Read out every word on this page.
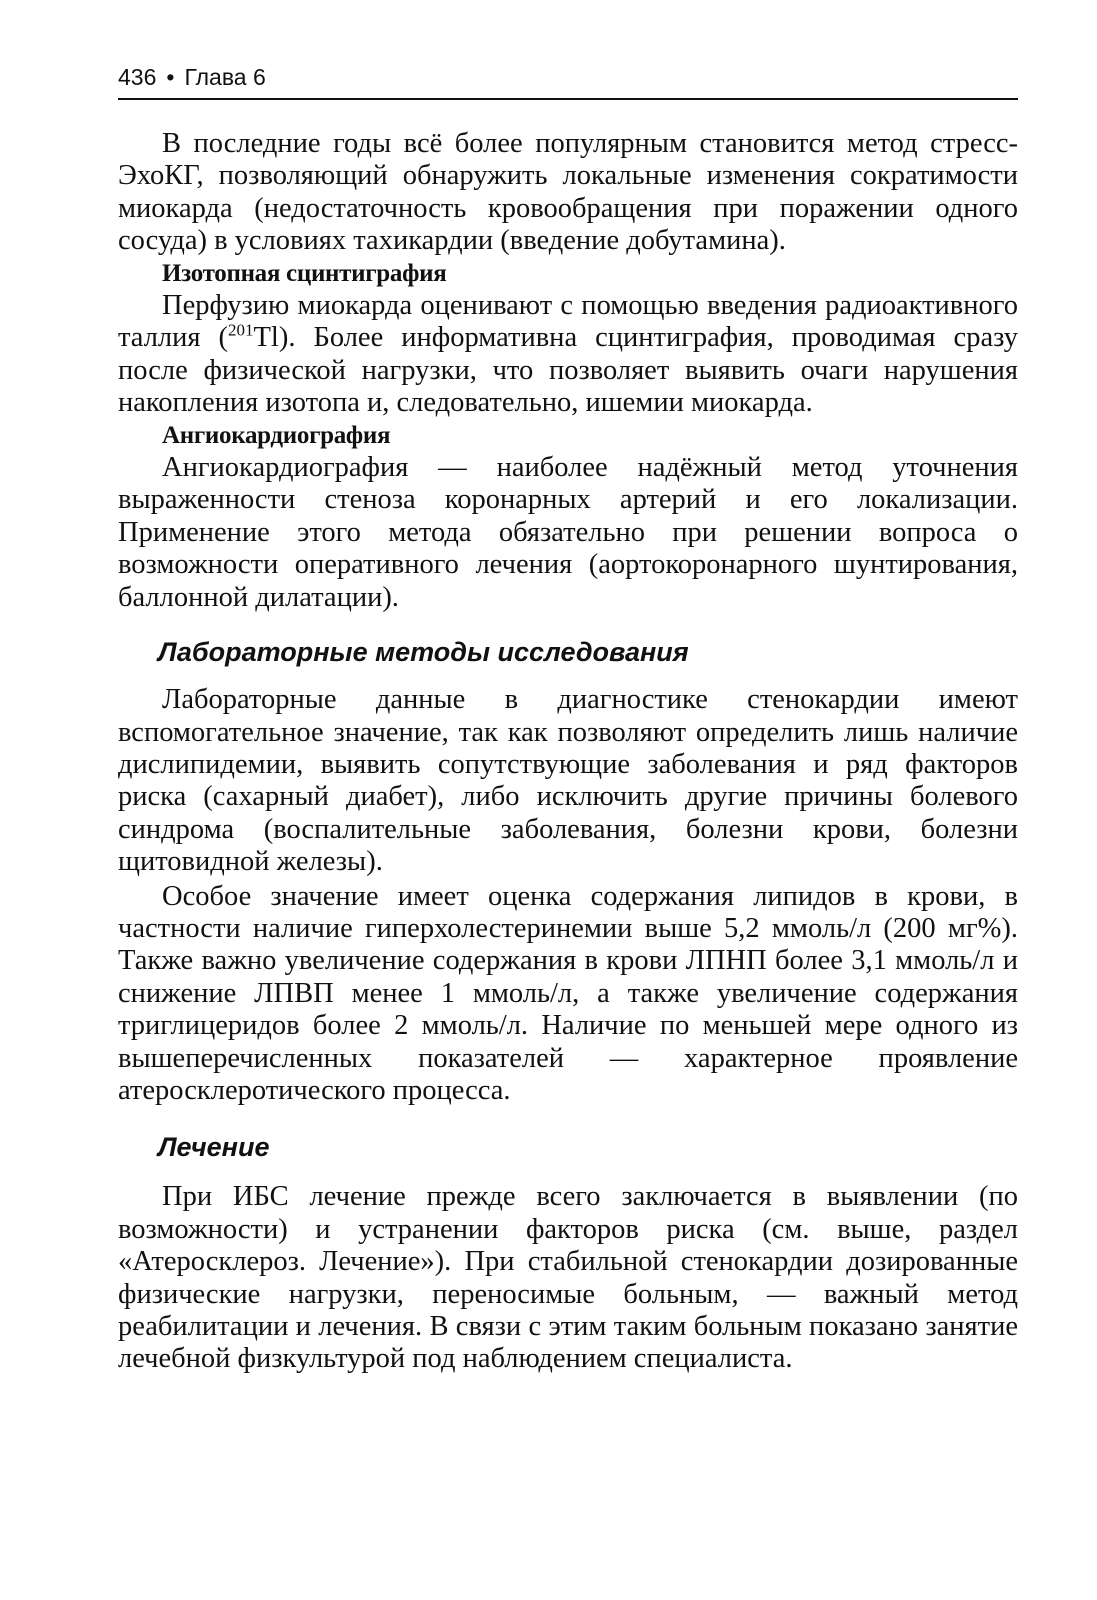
436 • Глава 6

В последние годы всё более популярным становится метод стресс-ЭхоКГ, позволяющий обнаружить локальные изменения сократимости миокарда (недостаточность кровообращения при поражении одного сосуда) в условиях тахикардии (введение добутамина).

Изотопная сцинтиграфия

Перфузию миокарда оценивают с помощью введения радиоактивного таллия ($^{201}$Tl). Более информативна сцинтиграфия, проводимая сразу после физической нагрузки, что позволяет выявить очаги нарушения накопления изотопа и, следовательно, ишемии миокарда.

Ангиокардиография

Ангиокардиография — наиболее надёжный метод уточнения выраженности стеноза коронарных артерий и его локализации. Применение этого метода обязательно при решении вопроса о возможности оперативного лечения (аортокоронарного шунтирования, баллонной дилатации).

Лабораторные методы исследования

Лабораторные данные в диагностике стенокардии имеют вспомогательное значение, так как позволяют определить лишь наличие дислипидемии, выявить сопутствующие заболевания и ряд факторов риска (сахарный диабет), либо исключить другие причины болевого синдрома (воспалительные заболевания, болезни крови, болезни щитовидной железы).

Особое значение имеет оценка содержания липидов в крови, в частности наличие гиперхолестеринемии выше 5,2 ммоль/л (200 мг%). Также важно увеличение содержания в крови ЛПНП более 3,1 ммоль/л и снижение ЛПВП менее 1 ммоль/л, а также увеличение содержания триглицеридов более 2 ммоль/л. Наличие по меньшей мере одного из вышеперечисленных показателей — характерное проявление атеросклеротического процесса.

Лечение

При ИБС лечение прежде всего заключается в выявлении (по возможности) и устранении факторов риска (см. выше, раздел «Атеросклероз. Лечение»). При стабильной стенокардии дозированные физические нагрузки, переносимые больным, — важный метод реабилитации и лечения. В связи с этим таким больным показано занятие лечебной физкультурой под наблюдением специалиста.
